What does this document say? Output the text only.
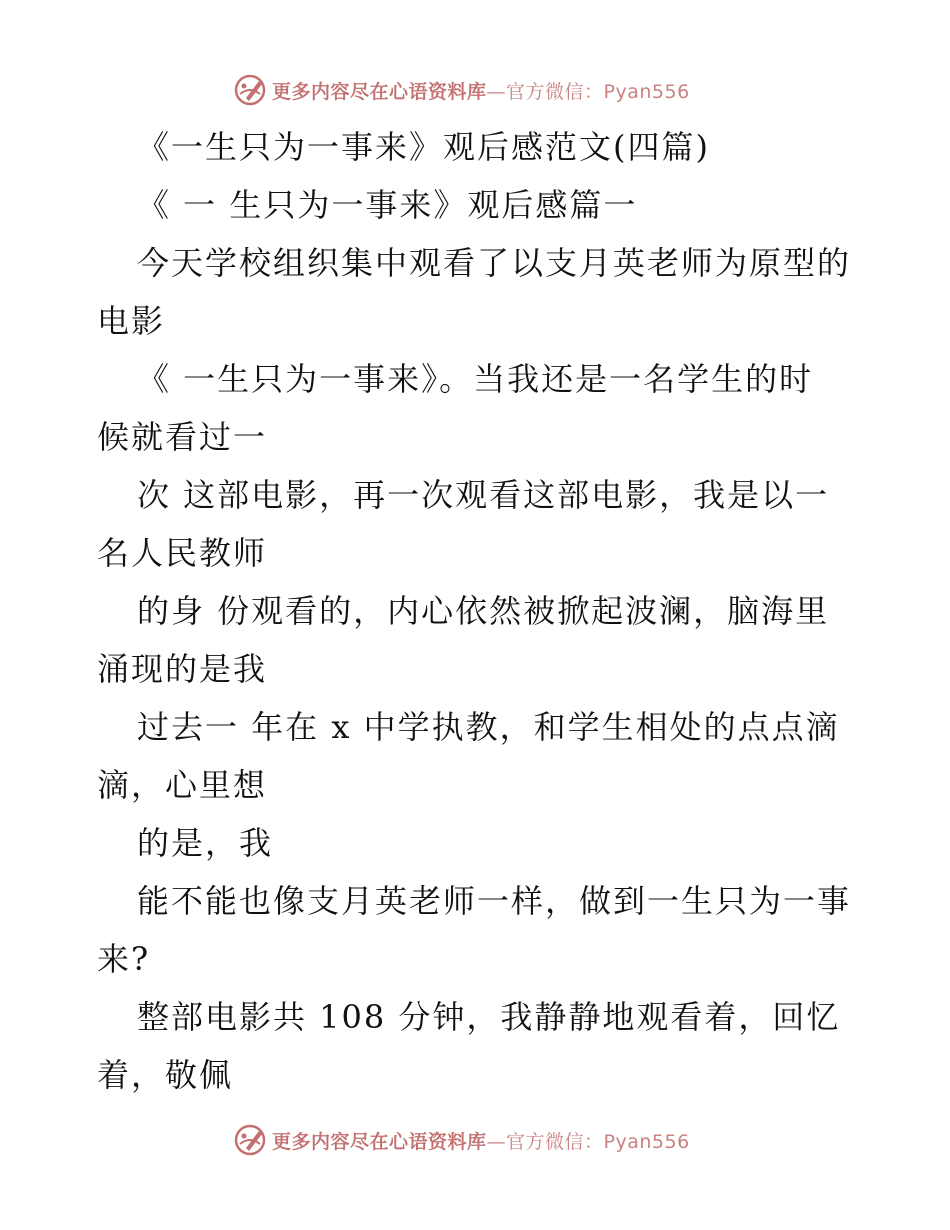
更多内容尽在心语资料库—官方微信：Pyan556
《一生只为一事来》观后感范文(四篇)
《 一 生只为一事来》观后感篇一
今天学校组织集中观看了以支月英老师为原型的
电影
《 一生只为一事来》。当我还是一名学生的时
候就看过一
次 这部电影，再一次观看这部电影，我是以一
名人民教师
的身 份观看的，内心依然被掀起波澜，脑海里
涌现的是我
过去一 年在 x 中学执教，和学生相处的点点滴
滴，心里想
的是，我
能不能也像支月英老师一样，做到一生只为一事
来?
整部电影共 108 分钟，我静静地观看着，回忆
着，敬佩
更多内容尽在心语资料库—官方微信：Pyan556
